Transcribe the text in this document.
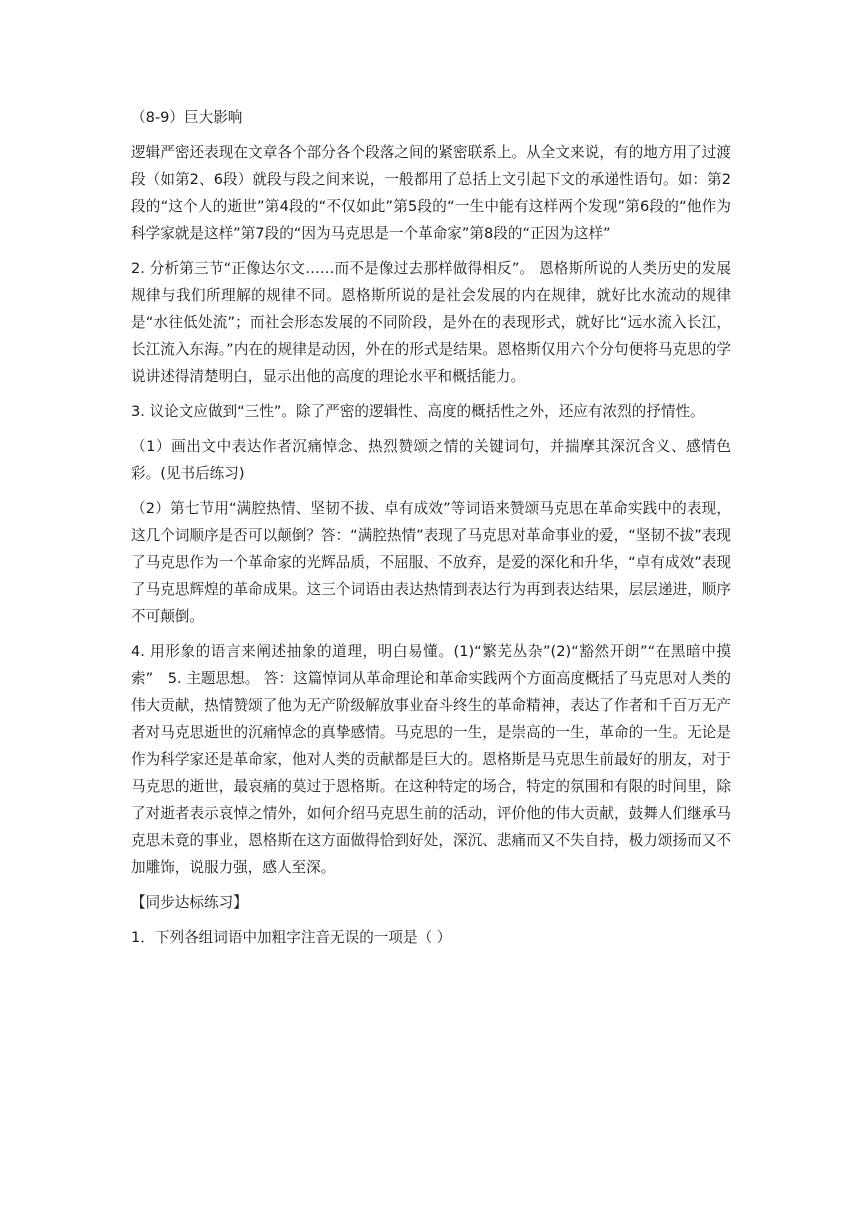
（8-9）巨大影响

逻辑严密还表现在文章各个部分各个段落之间的紧密联系上。从全文来说，有的地方用了过渡段（如第2、6段）就段与段之间来说，一般都用了总括上文引起下文的承递性语句。如：第2段的“这个人的逝世”第4段的“不仅如此”第5段的“一生中能有这样两个发现”第6段的“他作为科学家就是这样”第7段的“因为马克思是一个革命家”第8段的“正因为这样”

2. 分析第三节“正像达尔文……而不是像过去那样做得相反”。 恩格斯所说的人类历史的发展规律与我们所理解的规律不同。恩格斯所说的是社会发展的内在规律，就好比水流动的规律是“水往低处流”；而社会形态发展的不同阶段，是外在的表现形式，就好比“远水流入长江，长江流入东海。”内在的规律是动因，外在的形式是结果。恩格斯仅用六个分句便将马克思的学说讲述得清楚明白，显示出他的高度的理论水平和概括能力。

3. 议论文应做到“三性”。除了严密的逻辑性、高度的概括性之外，还应有浓烈的抒情性。

（1）画出文中表达作者沉痛悼念、热烈赞颂之情的关键词句，并揣摩其深沉含义、感情色彩。(见书后练习)

（2）第七节用“满腔热情、坚韧不拔、卓有成效”等词语来赞颂马克思在革命实践中的表现，这几个词顺序是否可以颠倒？答：“满腔热情”表现了马克思对革命事业的爱，“坚韧不拔”表现了马克思作为一个革命家的光辉品质，不屈服、不放弃，是爱的深化和升华，“卓有成效”表现了马克思辉煌的革命成果。这三个词语由表达热情到表达行为再到表达结果，层层递进，顺序不可颠倒。

4. 用形象的语言来阐述抽象的道理，明白易懂。(1)“繁芜丛杂”(2)“豁然开朗”“在黑暗中摸索”　5. 主题思想。 答：这篇悼词从革命理论和革命实践两个方面高度概括了马克思对人类的伟大贡献，热情赞颂了他为无产阶级解放事业奋斗终生的革命精神，表达了作者和千百万无产者对马克思逝世的沉痛悼念的真挚感情。马克思的一生，是崇高的一生，革命的一生。无论是作为科学家还是革命家，他对人类的贡献都是巨大的。恩格斯是马克思生前最好的朋友，对于马克思的逝世，最哀痛的莫过于恩格斯。在这种特定的场合，特定的氛围和有限的时间里，除了对逝者表示哀悼之情外，如何介绍马克思生前的活动，评价他的伟大贡献，鼓舞人们继承马克思未竟的事业，恩格斯在这方面做得恰到好处，深沉、悲痛而又不失自持，极力颂扬而又不加雕饰，说服力强，感人至深。

【同步达标练习】

1．下列各组词语中加粗字注音无误的一项是（ ）
